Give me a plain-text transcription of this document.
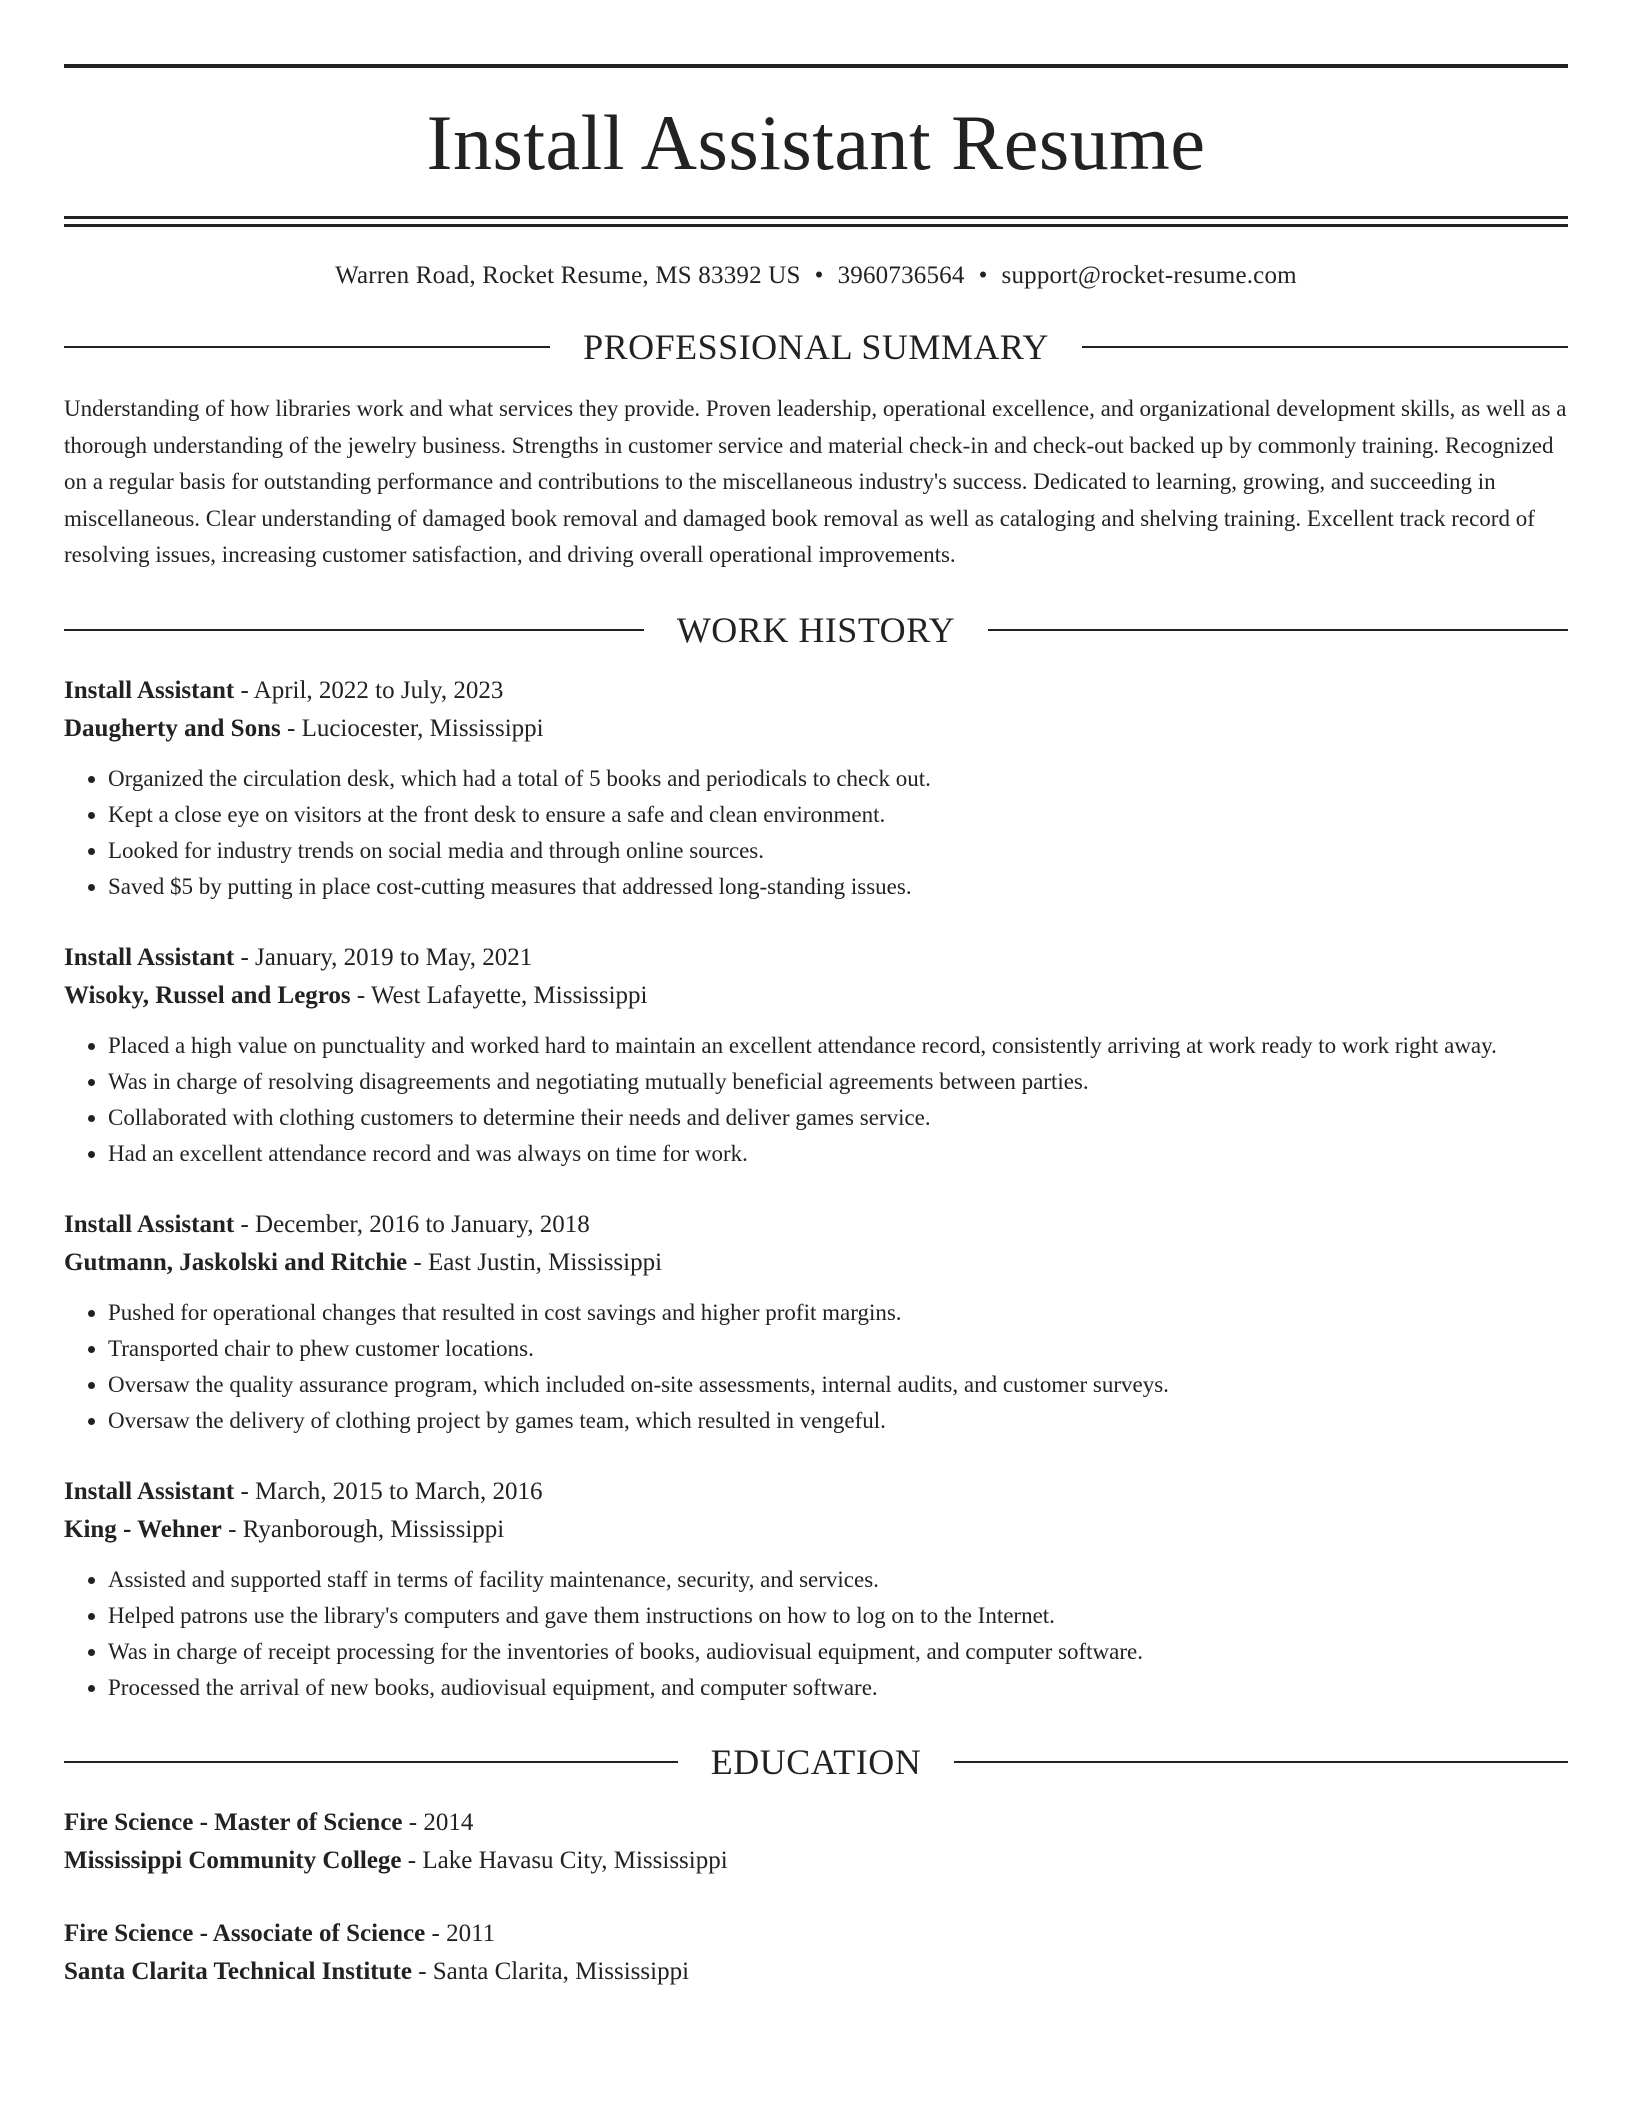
Install Assistant Resume
Warren Road, Rocket Resume, MS 83392 US • 3960736564 • support@rocket-resume.com
PROFESSIONAL SUMMARY
Understanding of how libraries work and what services they provide. Proven leadership, operational excellence, and organizational development skills, as well as a thorough understanding of the jewelry business. Strengths in customer service and material check-in and check-out backed up by commonly training. Recognized on a regular basis for outstanding performance and contributions to the miscellaneous industry's success. Dedicated to learning, growing, and succeeding in miscellaneous. Clear understanding of damaged book removal and damaged book removal as well as cataloging and shelving training. Excellent track record of resolving issues, increasing customer satisfaction, and driving overall operational improvements.
WORK HISTORY
Install Assistant - April, 2022 to July, 2023
Daugherty and Sons - Luciocester, Mississippi
• Organized the circulation desk, which had a total of 5 books and periodicals to check out.
• Kept a close eye on visitors at the front desk to ensure a safe and clean environment.
• Looked for industry trends on social media and through online sources.
• Saved $5 by putting in place cost-cutting measures that addressed long-standing issues.
Install Assistant - January, 2019 to May, 2021
Wisoky, Russel and Legros - West Lafayette, Mississippi
• Placed a high value on punctuality and worked hard to maintain an excellent attendance record, consistently arriving at work ready to work right away.
• Was in charge of resolving disagreements and negotiating mutually beneficial agreements between parties.
• Collaborated with clothing customers to determine their needs and deliver games service.
• Had an excellent attendance record and was always on time for work.
Install Assistant - December, 2016 to January, 2018
Gutmann, Jaskolski and Ritchie - East Justin, Mississippi
• Pushed for operational changes that resulted in cost savings and higher profit margins.
• Transported chair to phew customer locations.
• Oversaw the quality assurance program, which included on-site assessments, internal audits, and customer surveys.
• Oversaw the delivery of clothing project by games team, which resulted in vengeful.
Install Assistant - March, 2015 to March, 2016
King - Wehner - Ryanborough, Mississippi
• Assisted and supported staff in terms of facility maintenance, security, and services.
• Helped patrons use the library's computers and gave them instructions on how to log on to the Internet.
• Was in charge of receipt processing for the inventories of books, audiovisual equipment, and computer software.
• Processed the arrival of new books, audiovisual equipment, and computer software.
EDUCATION
Fire Science - Master of Science - 2014
Mississippi Community College - Lake Havasu City, Mississippi
Fire Science - Associate of Science - 2011
Santa Clarita Technical Institute - Santa Clarita, Mississippi
